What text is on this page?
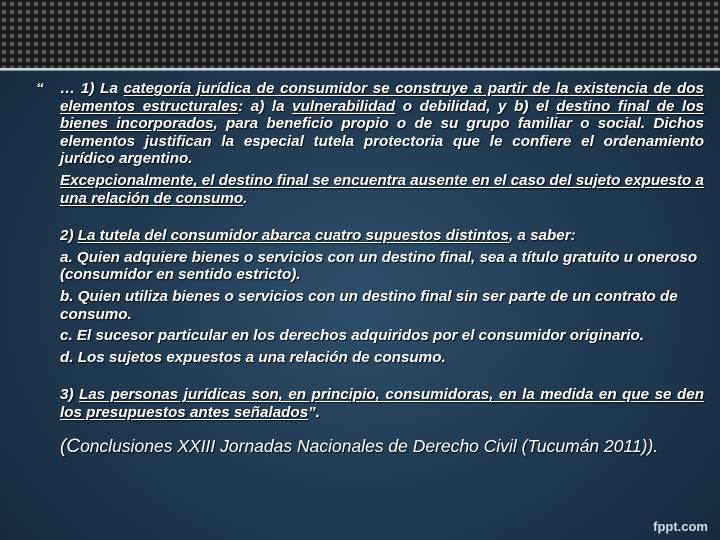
“	… 1) La categoría jurídica de consumidor se construye a partir de la existencia de dos elementos estructurales: a) la vulnerabilidad o debilidad, y b) el destino final de los bienes incorporados, para beneficio propio o de su grupo familiar o social. Dichos elementos justifican la especial tutela protectoria que le confiere el ordenamiento jurídico argentino.

Excepcionalmente, el destino final se encuentra ausente en el caso del sujeto expuesto a una relación de consumo.

2) La tutela del consumidor abarca cuatro supuestos distintos, a saber:

a. Quien adquiere bienes o servicios con un destino final, sea a título gratuito u oneroso (consumidor en sentido estricto).

b. Quien utiliza bienes o servicios con un destino final sin ser parte de un contrato de consumo.

c. El sucesor particular en los derechos adquiridos por el consumidor originario.

d. Los sujetos expuestos a una relación de consumo.

3) Las personas jurídicas son, en principio, consumidoras, en la medida en que se den los presupuestos antes señalados”.

(Conclusiones XXIII Jornadas Nacionales de Derecho Civil (Tucumán 2011)).

fppt.com
